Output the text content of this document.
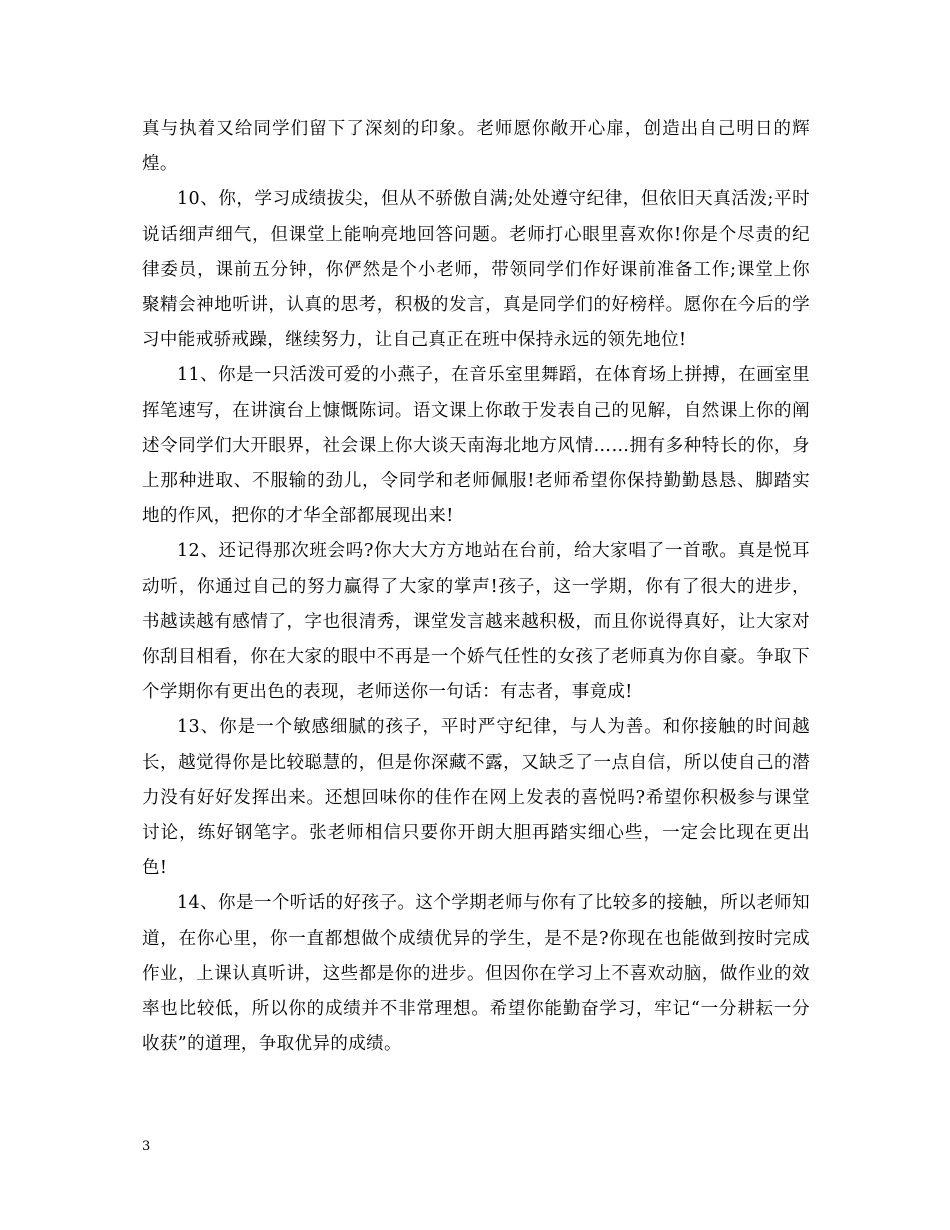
真与执着又给同学们留下了深刻的印象。老师愿你敞开心扉，创造出自己明日的辉煌。

10、你，学习成绩拔尖，但从不骄傲自满;处处遵守纪律，但依旧天真活泼;平时说话细声细气，但课堂上能响亮地回答问题。老师打心眼里喜欢你!你是个尽责的纪律委员，课前五分钟，你俨然是个小老师，带领同学们作好课前准备工作;课堂上你聚精会神地听讲，认真的思考，积极的发言，真是同学们的好榜样。愿你在今后的学习中能戒骄戒躁，继续努力，让自己真正在班中保持永远的领先地位!

11、你是一只活泼可爱的小燕子，在音乐室里舞蹈，在体育场上拼搏，在画室里挥笔速写，在讲演台上慷慨陈词。语文课上你敢于发表自己的见解，自然课上你的阐述令同学们大开眼界，社会课上你大谈天南海北地方风情……拥有多种特长的你，身上那种进取、不服输的劲儿，令同学和老师佩服!老师希望你保持勤勤恳恳、脚踏实地的作风，把你的才华全部都展现出来!

12、还记得那次班会吗?你大大方方地站在台前，给大家唱了一首歌。真是悦耳动听，你通过自己的努力赢得了大家的掌声!孩子，这一学期，你有了很大的进步，书越读越有感情了，字也很清秀，课堂发言越来越积极，而且你说得真好，让大家对你刮目相看，你在大家的眼中不再是一个娇气任性的女孩了老师真为你自豪。争取下个学期你有更出色的表现，老师送你一句话：有志者，事竟成!

13、你是一个敏感细腻的孩子，平时严守纪律，与人为善。和你接触的时间越长，越觉得你是比较聪慧的，但是你深藏不露，又缺乏了一点自信，所以使自己的潜力没有好好发挥出来。还想回味你的佳作在网上发表的喜悦吗?希望你积极参与课堂讨论，练好钢笔字。张老师相信只要你开朗大胆再踏实细心些，一定会比现在更出色!

14、你是一个听话的好孩子。这个学期老师与你有了比较多的接触，所以老师知道，在你心里，你一直都想做个成绩优异的学生，是不是?你现在也能做到按时完成作业，上课认真听讲，这些都是你的进步。但因你在学习上不喜欢动脑，做作业的效率也比较低，所以你的成绩并不非常理想。希望你能勤奋学习，牢记“一分耕耘一分收获”的道理，争取优异的成绩。

3
